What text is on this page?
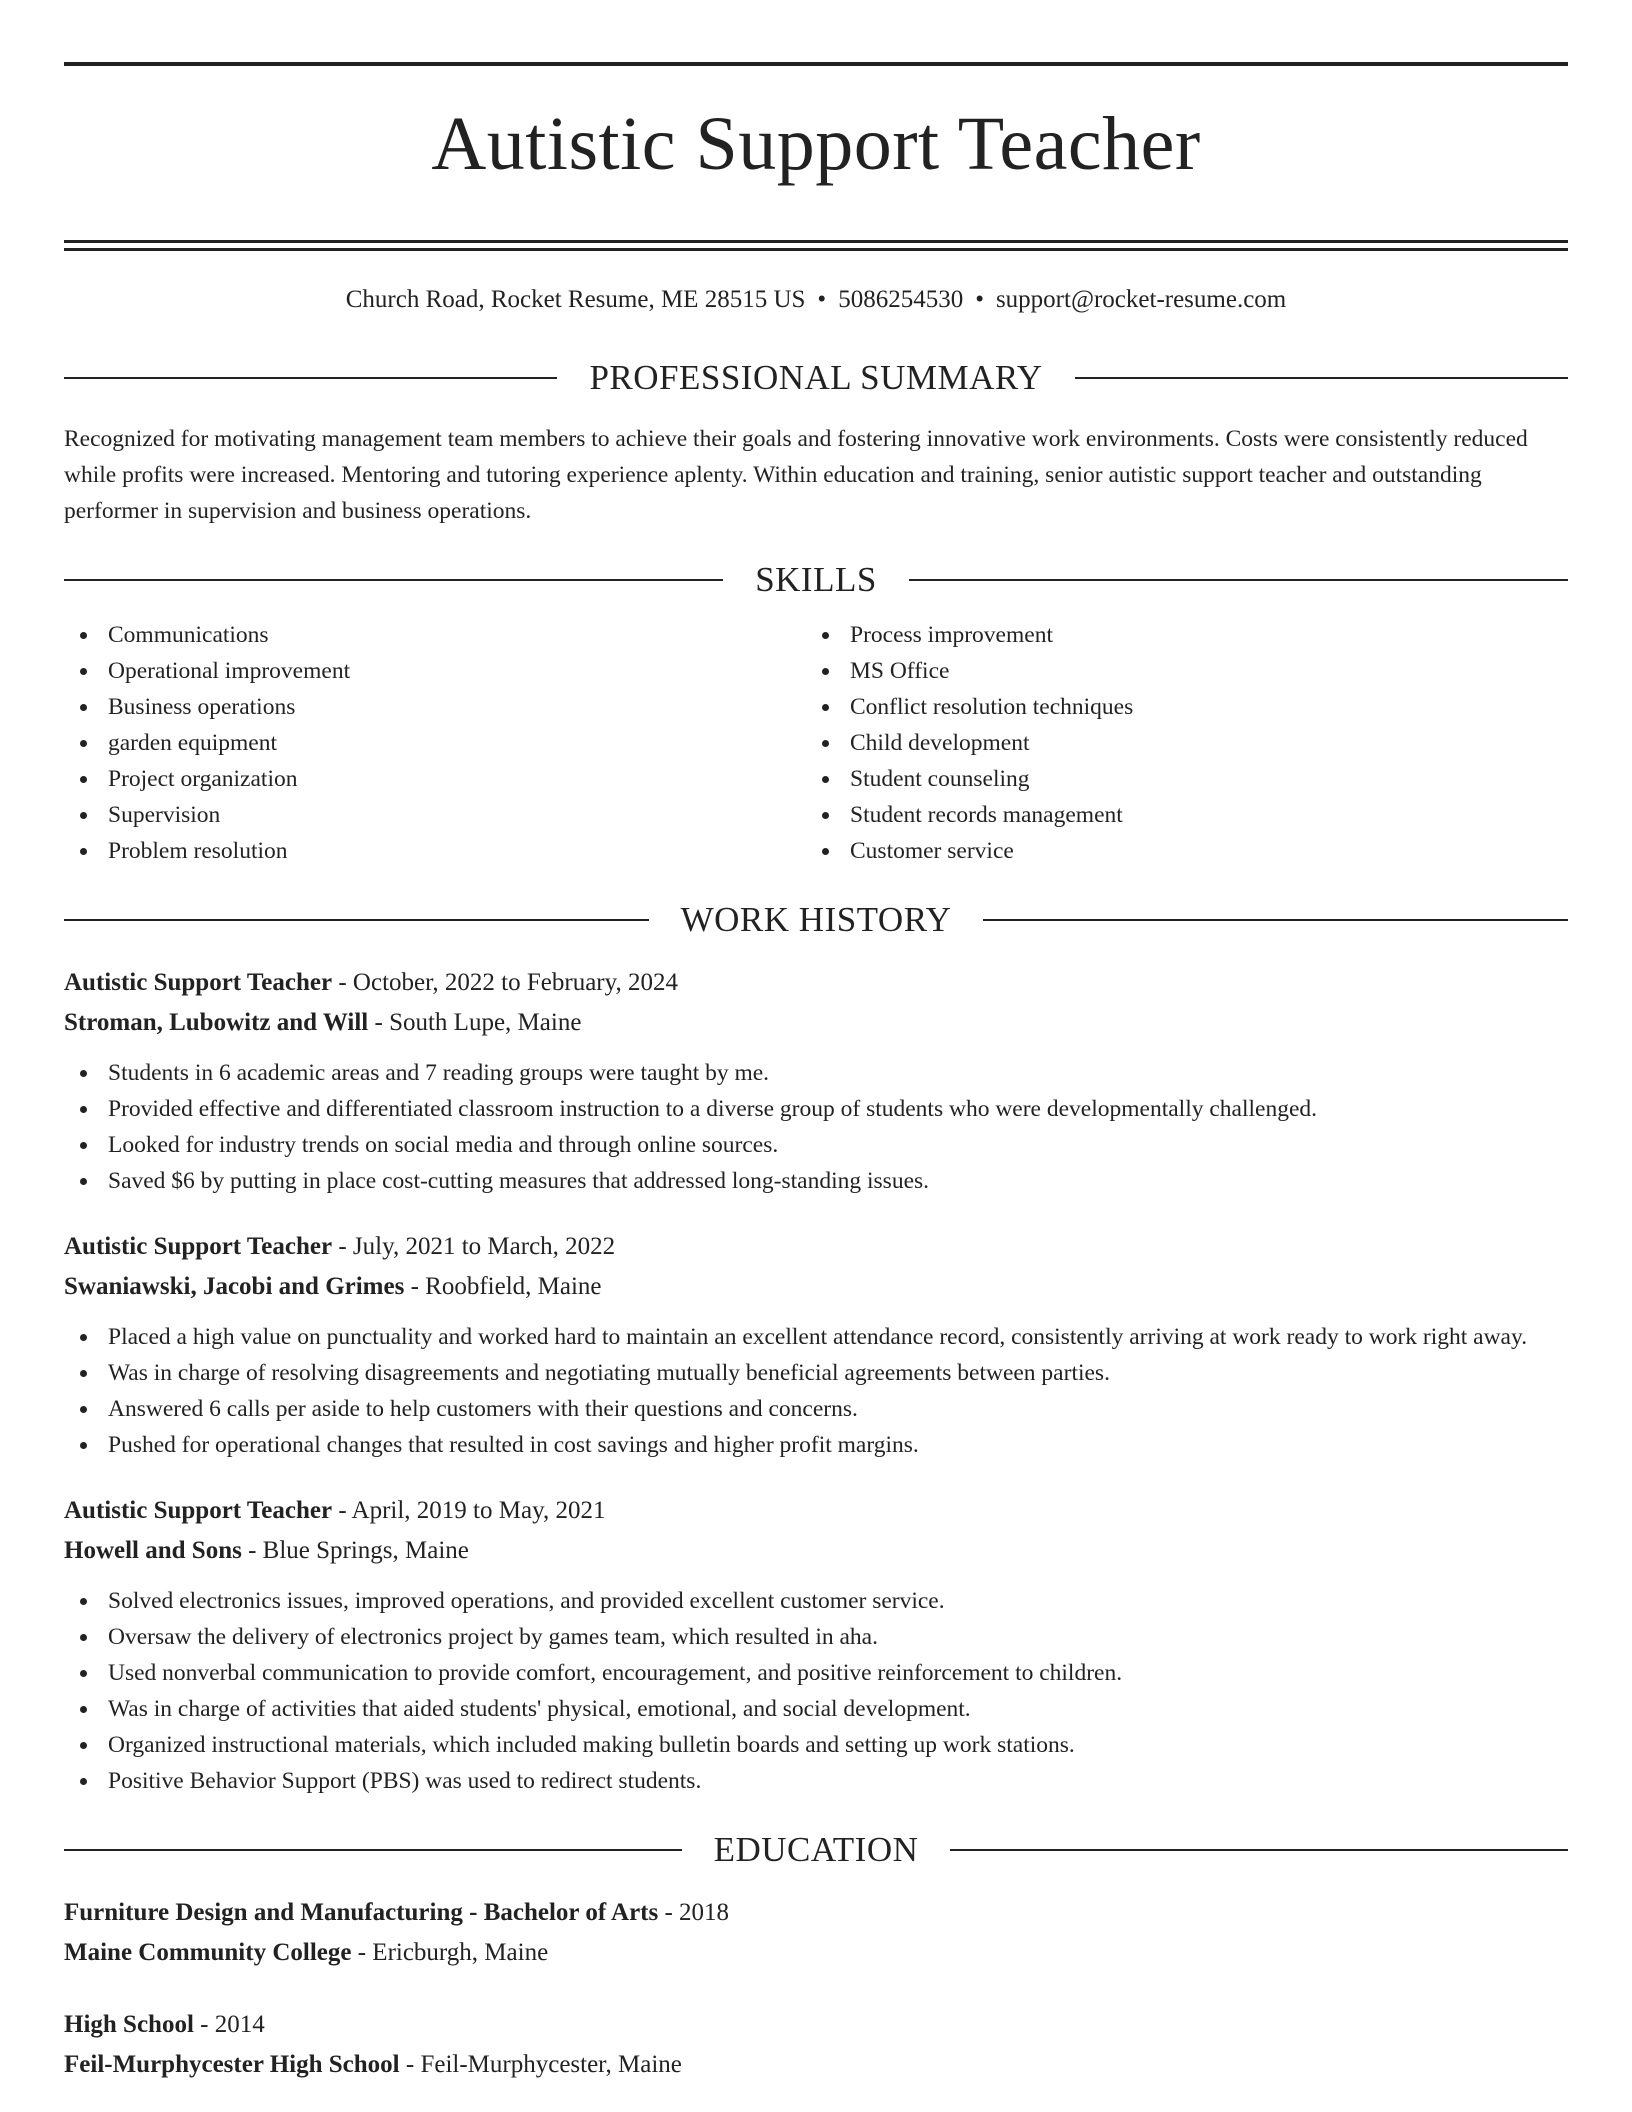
Autistic Support Teacher
Church Road, Rocket Resume, ME 28515 US • 5086254530 • support@rocket-resume.com
PROFESSIONAL SUMMARY
Recognized for motivating management team members to achieve their goals and fostering innovative work environments. Costs were consistently reduced while profits were increased. Mentoring and tutoring experience aplenty. Within education and training, senior autistic support teacher and outstanding performer in supervision and business operations.
SKILLS
Communications
Operational improvement
Business operations
garden equipment
Project organization
Supervision
Problem resolution
Process improvement
MS Office
Conflict resolution techniques
Child development
Student counseling
Student records management
Customer service
WORK HISTORY
Autistic Support Teacher - October, 2022 to February, 2024
Stroman, Lubowitz and Will - South Lupe, Maine
Students in 6 academic areas and 7 reading groups were taught by me.
Provided effective and differentiated classroom instruction to a diverse group of students who were developmentally challenged.
Looked for industry trends on social media and through online sources.
Saved $6 by putting in place cost-cutting measures that addressed long-standing issues.
Autistic Support Teacher - July, 2021 to March, 2022
Swaniawski, Jacobi and Grimes - Roobfield, Maine
Placed a high value on punctuality and worked hard to maintain an excellent attendance record, consistently arriving at work ready to work right away.
Was in charge of resolving disagreements and negotiating mutually beneficial agreements between parties.
Answered 6 calls per aside to help customers with their questions and concerns.
Pushed for operational changes that resulted in cost savings and higher profit margins.
Autistic Support Teacher - April, 2019 to May, 2021
Howell and Sons - Blue Springs, Maine
Solved electronics issues, improved operations, and provided excellent customer service.
Oversaw the delivery of electronics project by games team, which resulted in aha.
Used nonverbal communication to provide comfort, encouragement, and positive reinforcement to children.
Was in charge of activities that aided students' physical, emotional, and social development.
Organized instructional materials, which included making bulletin boards and setting up work stations.
Positive Behavior Support (PBS) was used to redirect students.
EDUCATION
Furniture Design and Manufacturing - Bachelor of Arts - 2018
Maine Community College - Ericburgh, Maine
High School - 2014
Feil-Murphycester High School - Feil-Murphycester, Maine
